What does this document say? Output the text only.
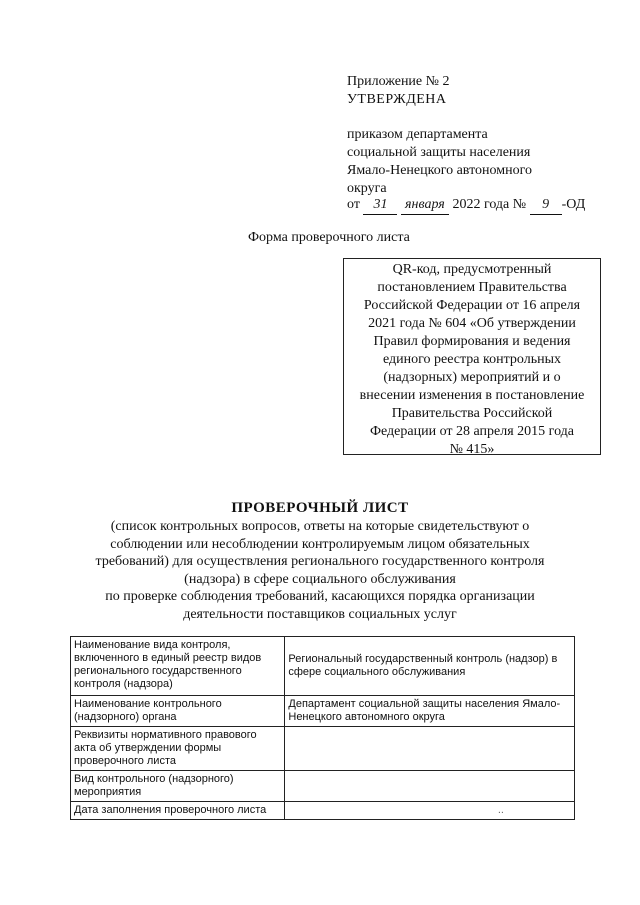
Приложение № 2
УТВЕРЖДЕНА
приказом департамента
социальной защиты населения
Ямало-Ненецкого автономного
округа
от 31 января 2022 года № 9 -ОД
Форма проверочного листа
QR-код, предусмотренный
постановлением Правительства
Российской Федерации от 16 апреля
2021 года № 604 «Об утверждении
Правил формирования и ведения
единого реестра контрольных
(надзорных) мероприятий и о
внесении изменения в постановление
Правительства Российской
Федерации от 28 апреля 2015 года
№ 415»
ПРОВЕРОЧНЫЙ ЛИСТ
(список контрольных вопросов, ответы на которые свидетельствуют о
соблюдении или несоблюдении контролируемым лицом обязательных
требований) для осуществления регионального государственного контроля
(надзора) в сфере социального обслуживания
по проверке соблюдения требований, касающихся порядка организации
деятельности поставщиков социальных услуг
Наименование вида контроля, включенного в единый реестр видов регионального государственного контроля (надзора)	Региональный государственный контроль (надзор) в сфере социального обслуживания
Наименование контрольного (надзорного) органа	Департамент социальной защиты населения Ямало-Ненецкого автономного округа
Реквизиты нормативного правового акта об утверждении формы проверочного листа	
Вид контрольного (надзорного) мероприятия	
Дата заполнения проверочного листа	..
